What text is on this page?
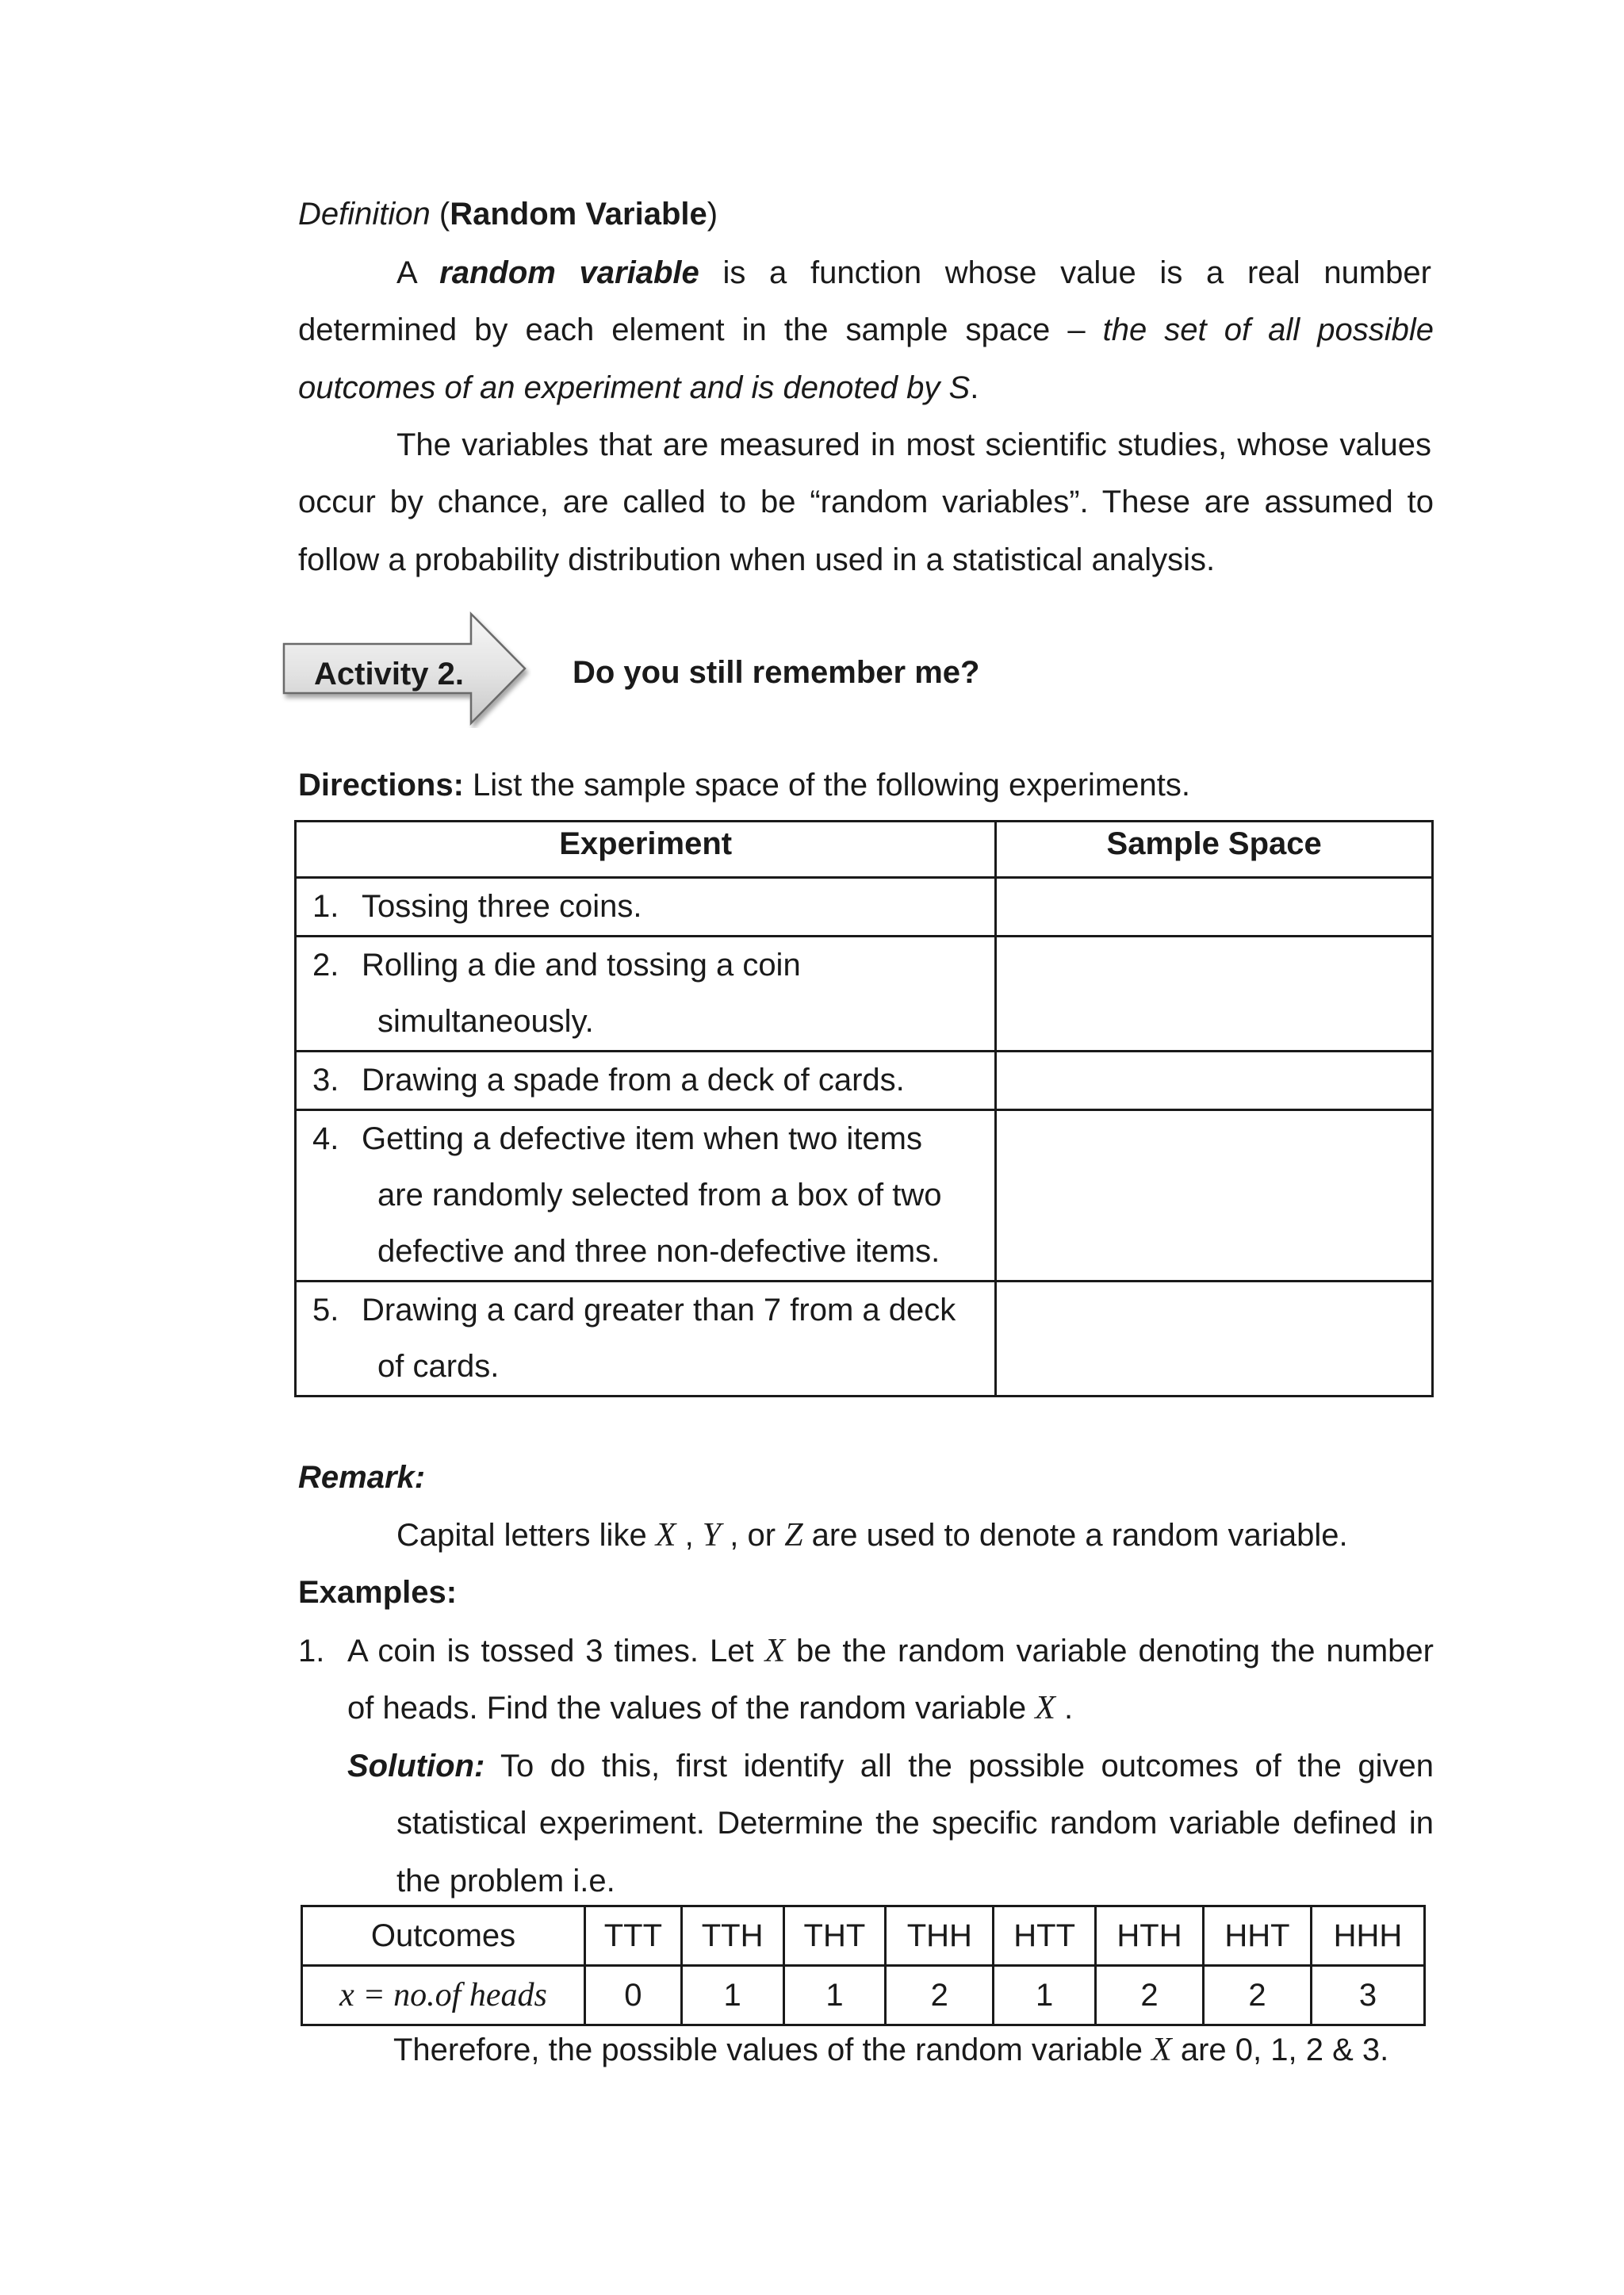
Definition (Random Variable)
A random variable is a function whose value is a real number
determined by each element in the sample space – the set of all possible
outcomes of an experiment and is denoted by S.
The variables that are measured in most scientific studies, whose values
occur by chance, are called to be “random variables”. These are assumed to
follow a probability distribution when used in a statistical analysis.
Activity 2.	Do you still remember me?
Directions: List the sample space of the following experiments.
Experiment	Sample Space
1. Tossing three coins.	
2. Rolling a die and tossing a coin
simultaneously.	

3. Drawing a spade from a deck of cards.	
4. Getting a defective item when two items
are randomly selected from a box of two
defective and three non-defective items.	

5. Drawing a card greater than 7 from a deck
of cards.	

Remark:
Capital letters like X , Y , or Z are used to denote a random variable.
Examples:
1. A coin is tossed 3 times. Let X be the random variable denoting the number
of heads. Find the values of the random variable X .
Solution: To do this, first identify all the possible outcomes of the given
statistical experiment. Determine the specific random variable defined in
the problem i.e.
Outcomes	TTT	TTH	THT	THH	HTT	HTH	HHT	HHH
x = no.of heads	0	1	1	2	1	2	2	3
Therefore, the possible values of the random variable X are 0, 1, 2 & 3.
